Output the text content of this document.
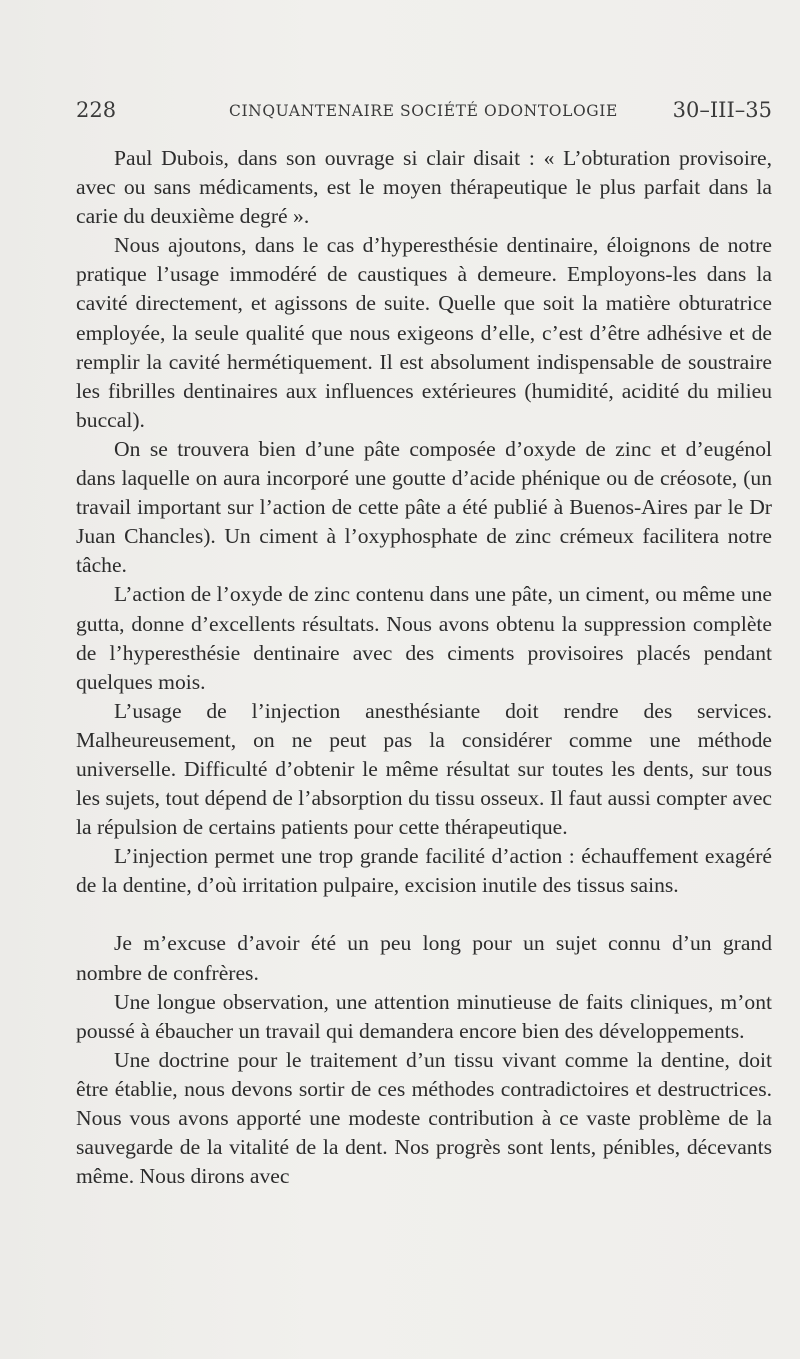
228	CINQUANTENAIRE SOCIÉTÉ ODONTOLOGIE	30–III–35

Paul Dubois, dans son ouvrage si clair disait : « L’obturation provisoire, avec ou sans médicaments, est le moyen thérapeutique le plus parfait dans la carie du deuxième degré ».

Nous ajoutons, dans le cas d’hyperesthésie dentinaire, éloignons de notre pratique l’usage immodéré de caustiques à demeure. Employons-les dans la cavité directement, et agissons de suite. Quelle que soit la matière obturatrice employée, la seule qualité que nous exigeons d’elle, c’est d’être adhésive et de remplir la cavité hermétiquement. Il est absolument indispensable de soustraire les fibrilles dentinaires aux influences extérieures (humidité, acidité du milieu buccal).

On se trouvera bien d’une pâte composée d’oxyde de zinc et d’eugénol dans laquelle on aura incorporé une goutte d’acide phénique ou de créosote, (un travail important sur l’action de cette pâte a été publié à Buenos-Aires par le Dr Juan Chancles). Un ciment à l’oxyphosphate de zinc crémeux facilitera notre tâche.

L’action de l’oxyde de zinc contenu dans une pâte, un ciment, ou même une gutta, donne d’excellents résultats. Nous avons obtenu la suppression complète de l’hyperesthésie dentinaire avec des ciments provisoires placés pendant quelques mois.

L’usage de l’injection anesthésiante doit rendre des services. Malheureusement, on ne peut pas la considérer comme une méthode universelle. Difficulté d’obtenir le même résultat sur toutes les dents, sur tous les sujets, tout dépend de l’absorption du tissu osseux. Il faut aussi compter avec la répulsion de certains patients pour cette thérapeutique.

L’injection permet une trop grande facilité d’action : échauffement exagéré de la dentine, d’où irritation pulpaire, excision inutile des tissus sains.

Je m’excuse d’avoir été un peu long pour un sujet connu d’un grand nombre de confrères.

Une longue observation, une attention minutieuse de faits cliniques, m’ont poussé à ébaucher un travail qui demandera encore bien des développements.

Une doctrine pour le traitement d’un tissu vivant comme la dentine, doit être établie, nous devons sortir de ces méthodes contradictoires et destructrices. Nous vous avons apporté une modeste contribution à ce vaste problème de la sauvegarde de la vitalité de la dent. Nos progrès sont lents, pénibles, décevants même. Nous dirons avec
